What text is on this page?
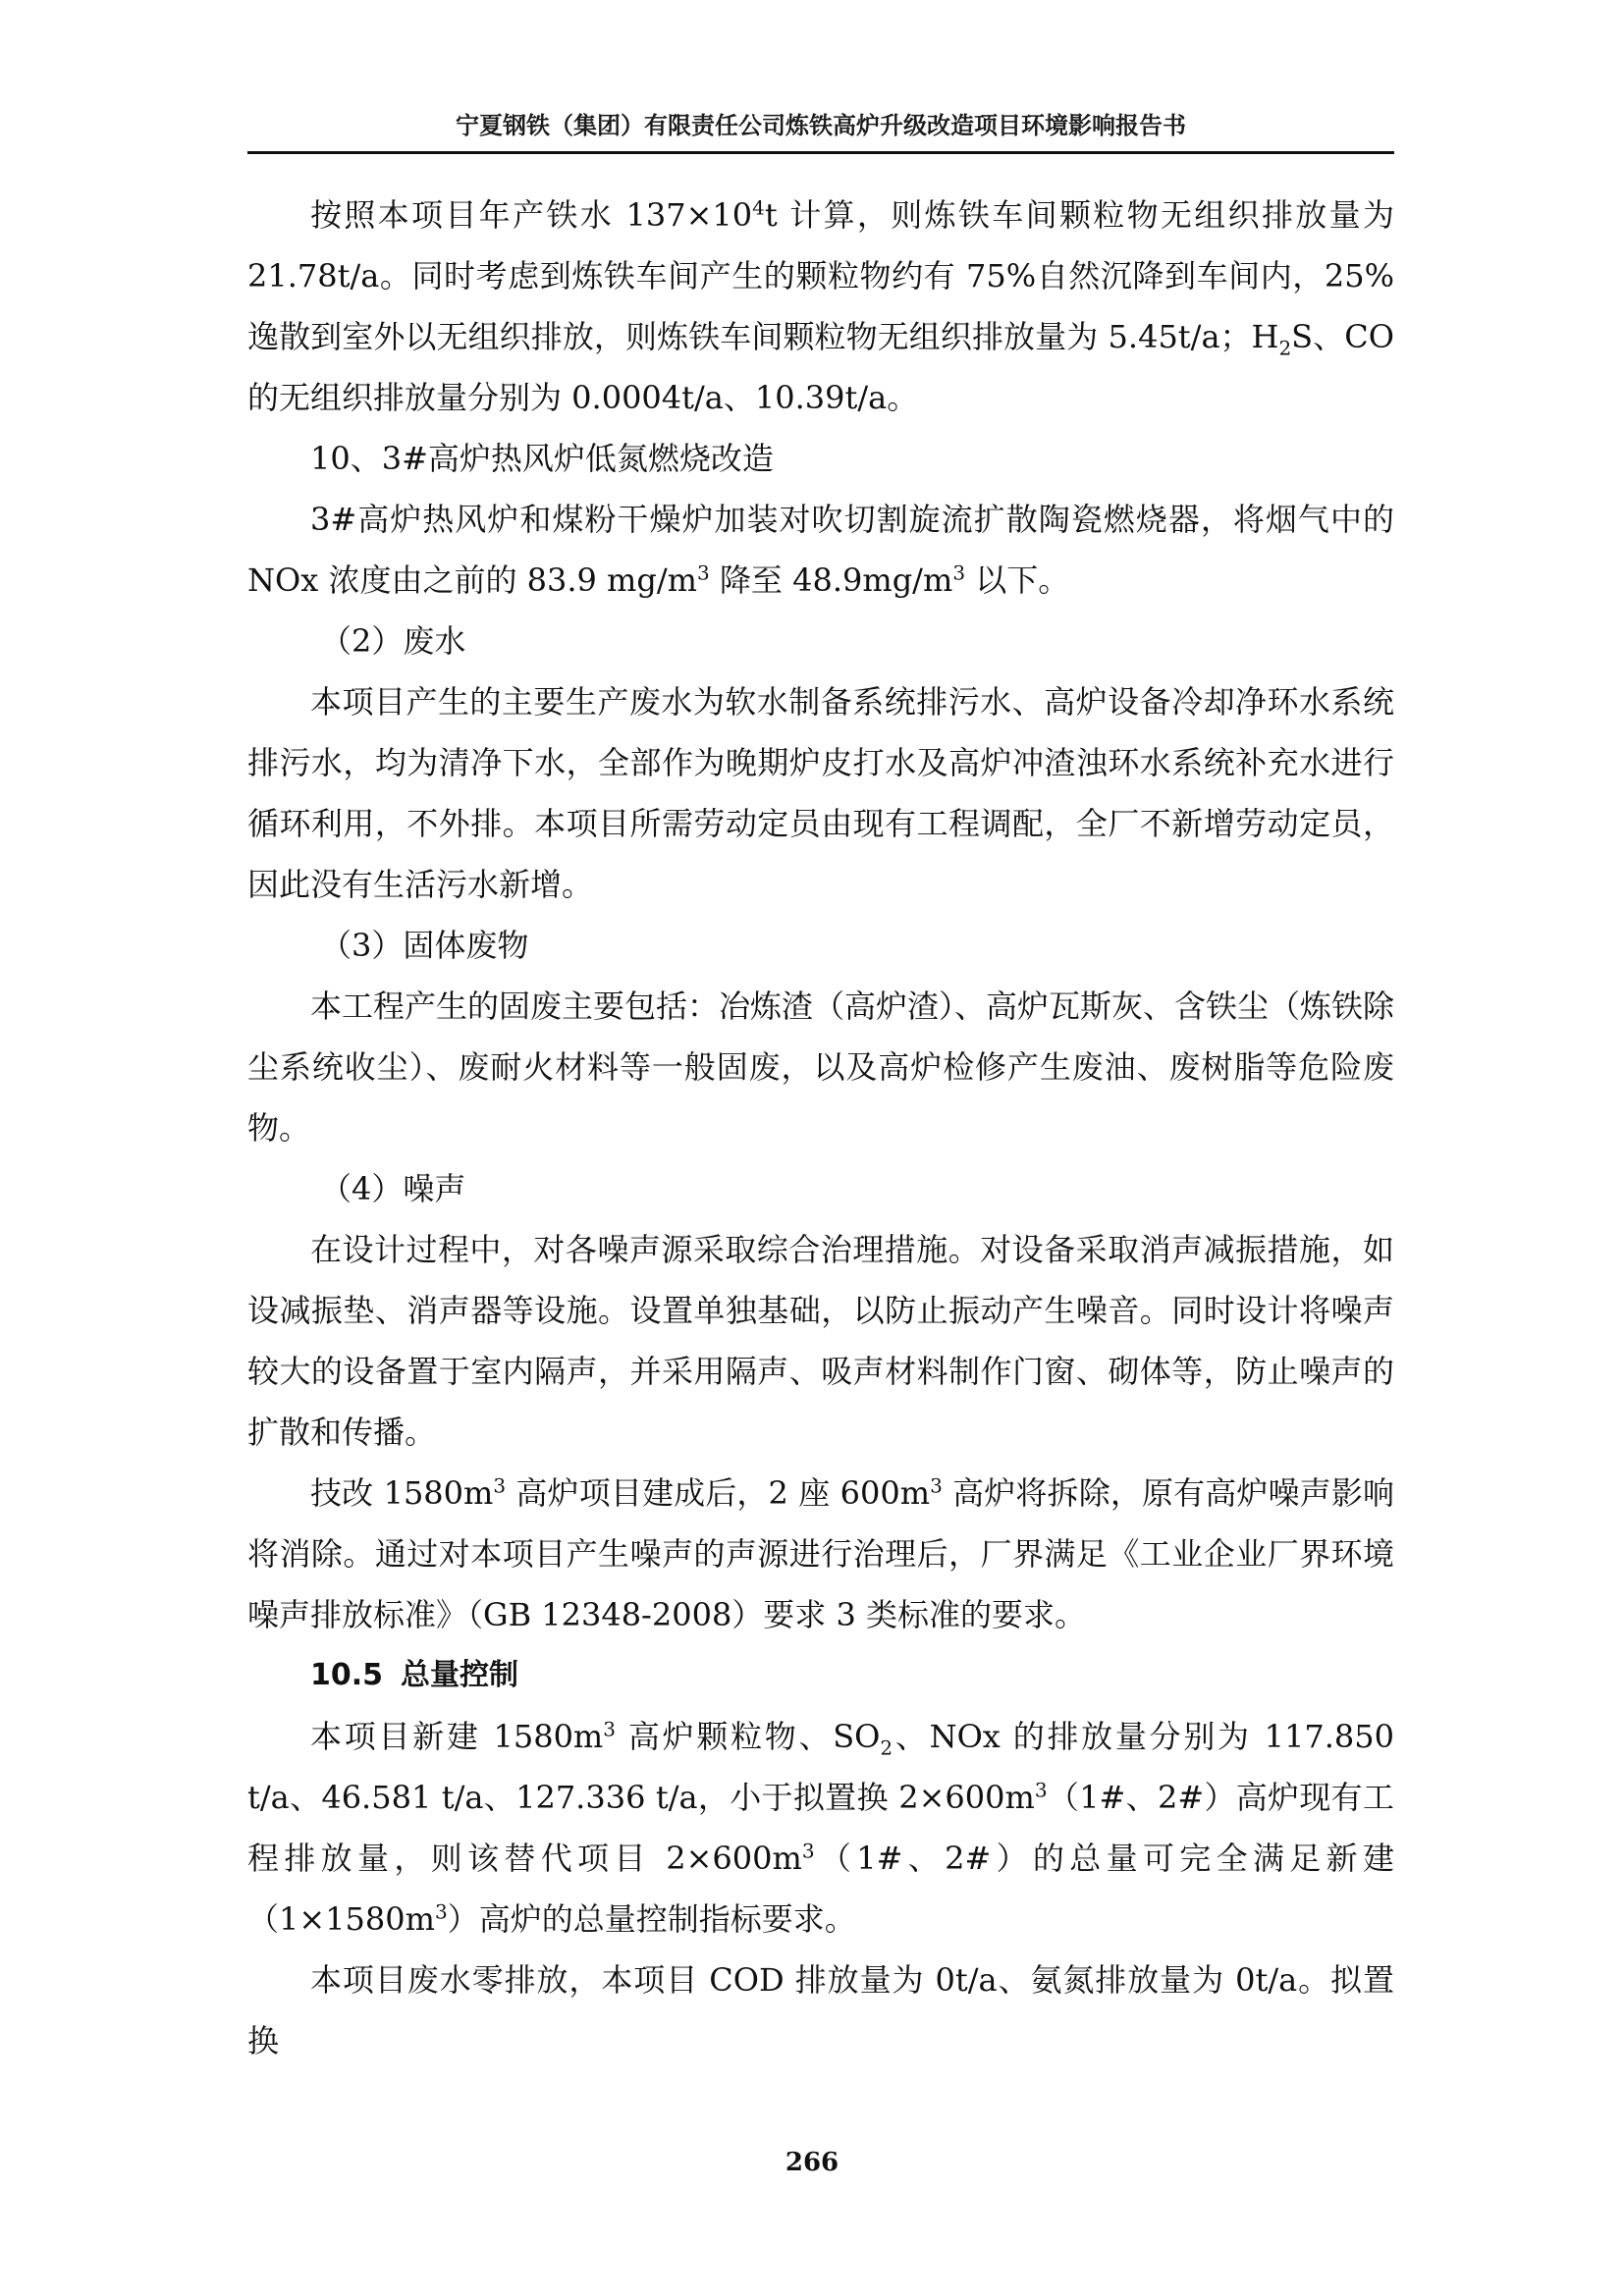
宁夏钢铁（集团）有限责任公司炼铁高炉升级改造项目环境影响报告书

按照本项目年产铁水 $137\times 10^4t$ 计算，则炼铁车间颗粒物无组织排放量为21.78t/a。同时考虑到炼铁车间产生的颗粒物约有 75%自然沉降到车间内，25%逸散到室外以无组织排放，则炼铁车间颗粒物无组织排放量为 5.45t/a；$H_2S$、CO 的无组织排放量分别为 0.0004t/a、10.39t/a。

10、3#高炉热风炉低氮燃烧改造

3#高炉热风炉和煤粉干燥炉加装对吹切割旋流扩散陶瓷燃烧器，将烟气中的 NOx 浓度由之前的 83.9 $mg/m^3$ 降至 $48.9mg/m^3$ 以下。

（2）废水

本项目产生的主要生产废水为软水制备系统排污水、高炉设备冷却净环水系统排污水，均为清净下水，全部作为晚期炉皮打水及高炉冲渣浊环水系统补充水进行循环利用，不外排。本项目所需劳动定员由现有工程调配，全厂不新增劳动定员，因此没有生活污水新增。

（3）固体废物

本工程产生的固废主要包括：冶炼渣（高炉渣）、高炉瓦斯灰、含铁尘（炼铁除尘系统收尘）、废耐火材料等一般固废，以及高炉检修产生废油、废树脂等危险废物。

（4）噪声

在设计过程中，对各噪声源采取综合治理措施。对设备采取消声减振措施，如设减振垫、消声器等设施。设置单独基础，以防止振动产生噪音。同时设计将噪声较大的设备置于室内隔声，并采用隔声、吸声材料制作门窗、砌体等，防止噪声的扩散和传播。

技改 $1580m^3$ 高炉项目建成后，2 座 $600m^3$ 高炉将拆除，原有高炉噪声影响将消除。通过对本项目产生噪声的声源进行治理后，厂界满足《工业企业厂界环境噪声排放标准》（GB 12348-2008）要求 3 类标准的要求。

10.5 总量控制

本项目新建 $1580m^3$ 高炉颗粒物、$SO_2$、NOx 的排放量分别为 117.850 t/a、46.581 t/a、127.336 t/a，小于拟置换 $2\times 600m^3(1\#$、2#）高炉现有工程排放量，则该替代项目 $2\times 600m^3(1\#$、2#）的总量可完全满足新建$(1\times 1580m^3)$高炉的总量控制指标要求。

本项目废水零排放，本项目 COD 排放量为 0t/a、氨氮排放量为 0t/a。拟置换

266
